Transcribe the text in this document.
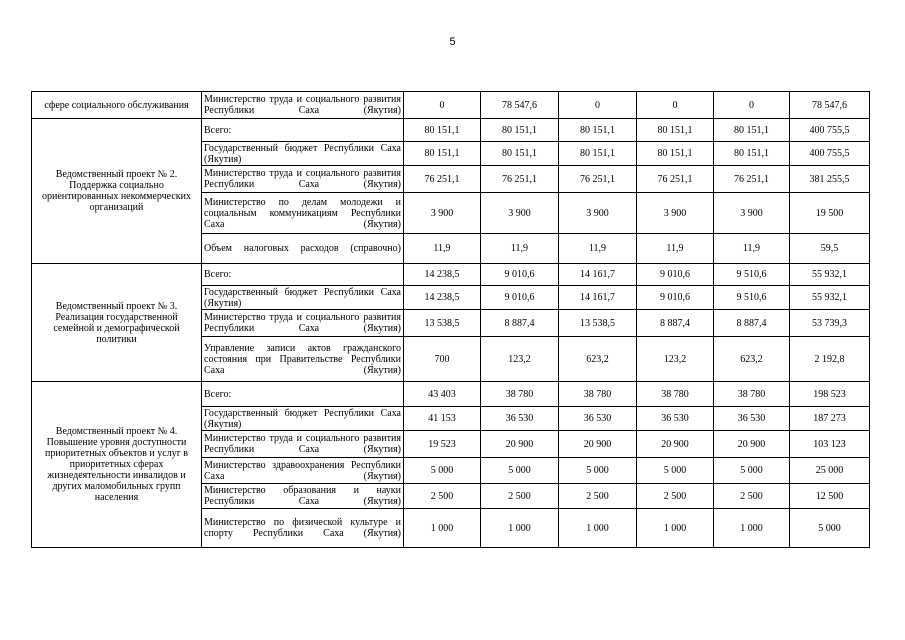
5
сфере социального обслуживания	Министерство труда и социального развития Республики Саха (Якутия)	0	78 547,6	0	0	0	78 547,6
Ведомственный проект № 2. Поддержка социально ориентированных некоммерческих организаций	Всего:	80 151,1	80 151,1	80 151,1	80 151,1	80 151,1	400 755,5
	Государственный бюджет Республики Саха (Якутия)	80 151,1	80 151,1	80 151,1	80 151,1	80 151,1	400 755,5
	Министерство труда и социального развития Республики Саха (Якутия)	76 251,1	76 251,1	76 251,1	76 251,1	76 251,1	381 255,5
	Министерство по делам молодежи и социальным коммуникациям Республики Саха (Якутия)	3 900	3 900	3 900	3 900	3 900	19 500
	Объем налоговых расходов (справочно)	11,9	11,9	11,9	11,9	11,9	59,5
Ведомственный проект № 3. Реализация государственной семейной и демографической политики	Всего:	14 238,5	9 010,6	14 161,7	9 010,6	9 510,6	55 932,1
	Государственный бюджет Республики Саха (Якутия)	14 238,5	9 010,6	14 161,7	9 010,6	9 510,6	55 932,1
	Министерство труда и социального развития Республики Саха (Якутия)	13 538,5	8 887,4	13 538,5	8 887,4	8 887,4	53 739,3
	Управление записи актов гражданского состояния при Правительстве Республики Саха (Якутия)	700	123,2	623,2	123,2	623,2	2 192,8
Ведомственный проект № 4. Повышение уровня доступности приоритетных объектов и услуг в приоритетных сферах жизнедеятельности инвалидов и других маломобильных групп населения	Всего:	43 403	38 780	38 780	38 780	38 780	198 523
	Государственный бюджет Республики Саха (Якутия)	41 153	36 530	36 530	36 530	36 530	187 273
	Министерство труда и социального развития Республики Саха (Якутия)	19 523	20 900	20 900	20 900	20 900	103 123
	Министерство здравоохранения Республики Саха (Якутия)	5 000	5 000	5 000	5 000	5 000	25 000
	Министерство образования и науки Республики Саха (Якутия)	2 500	2 500	2 500	2 500	2 500	12 500
	Министерство по физической культуре и спорту Республики Саха (Якутия)	1 000	1 000	1 000	1 000	1 000	5 000
